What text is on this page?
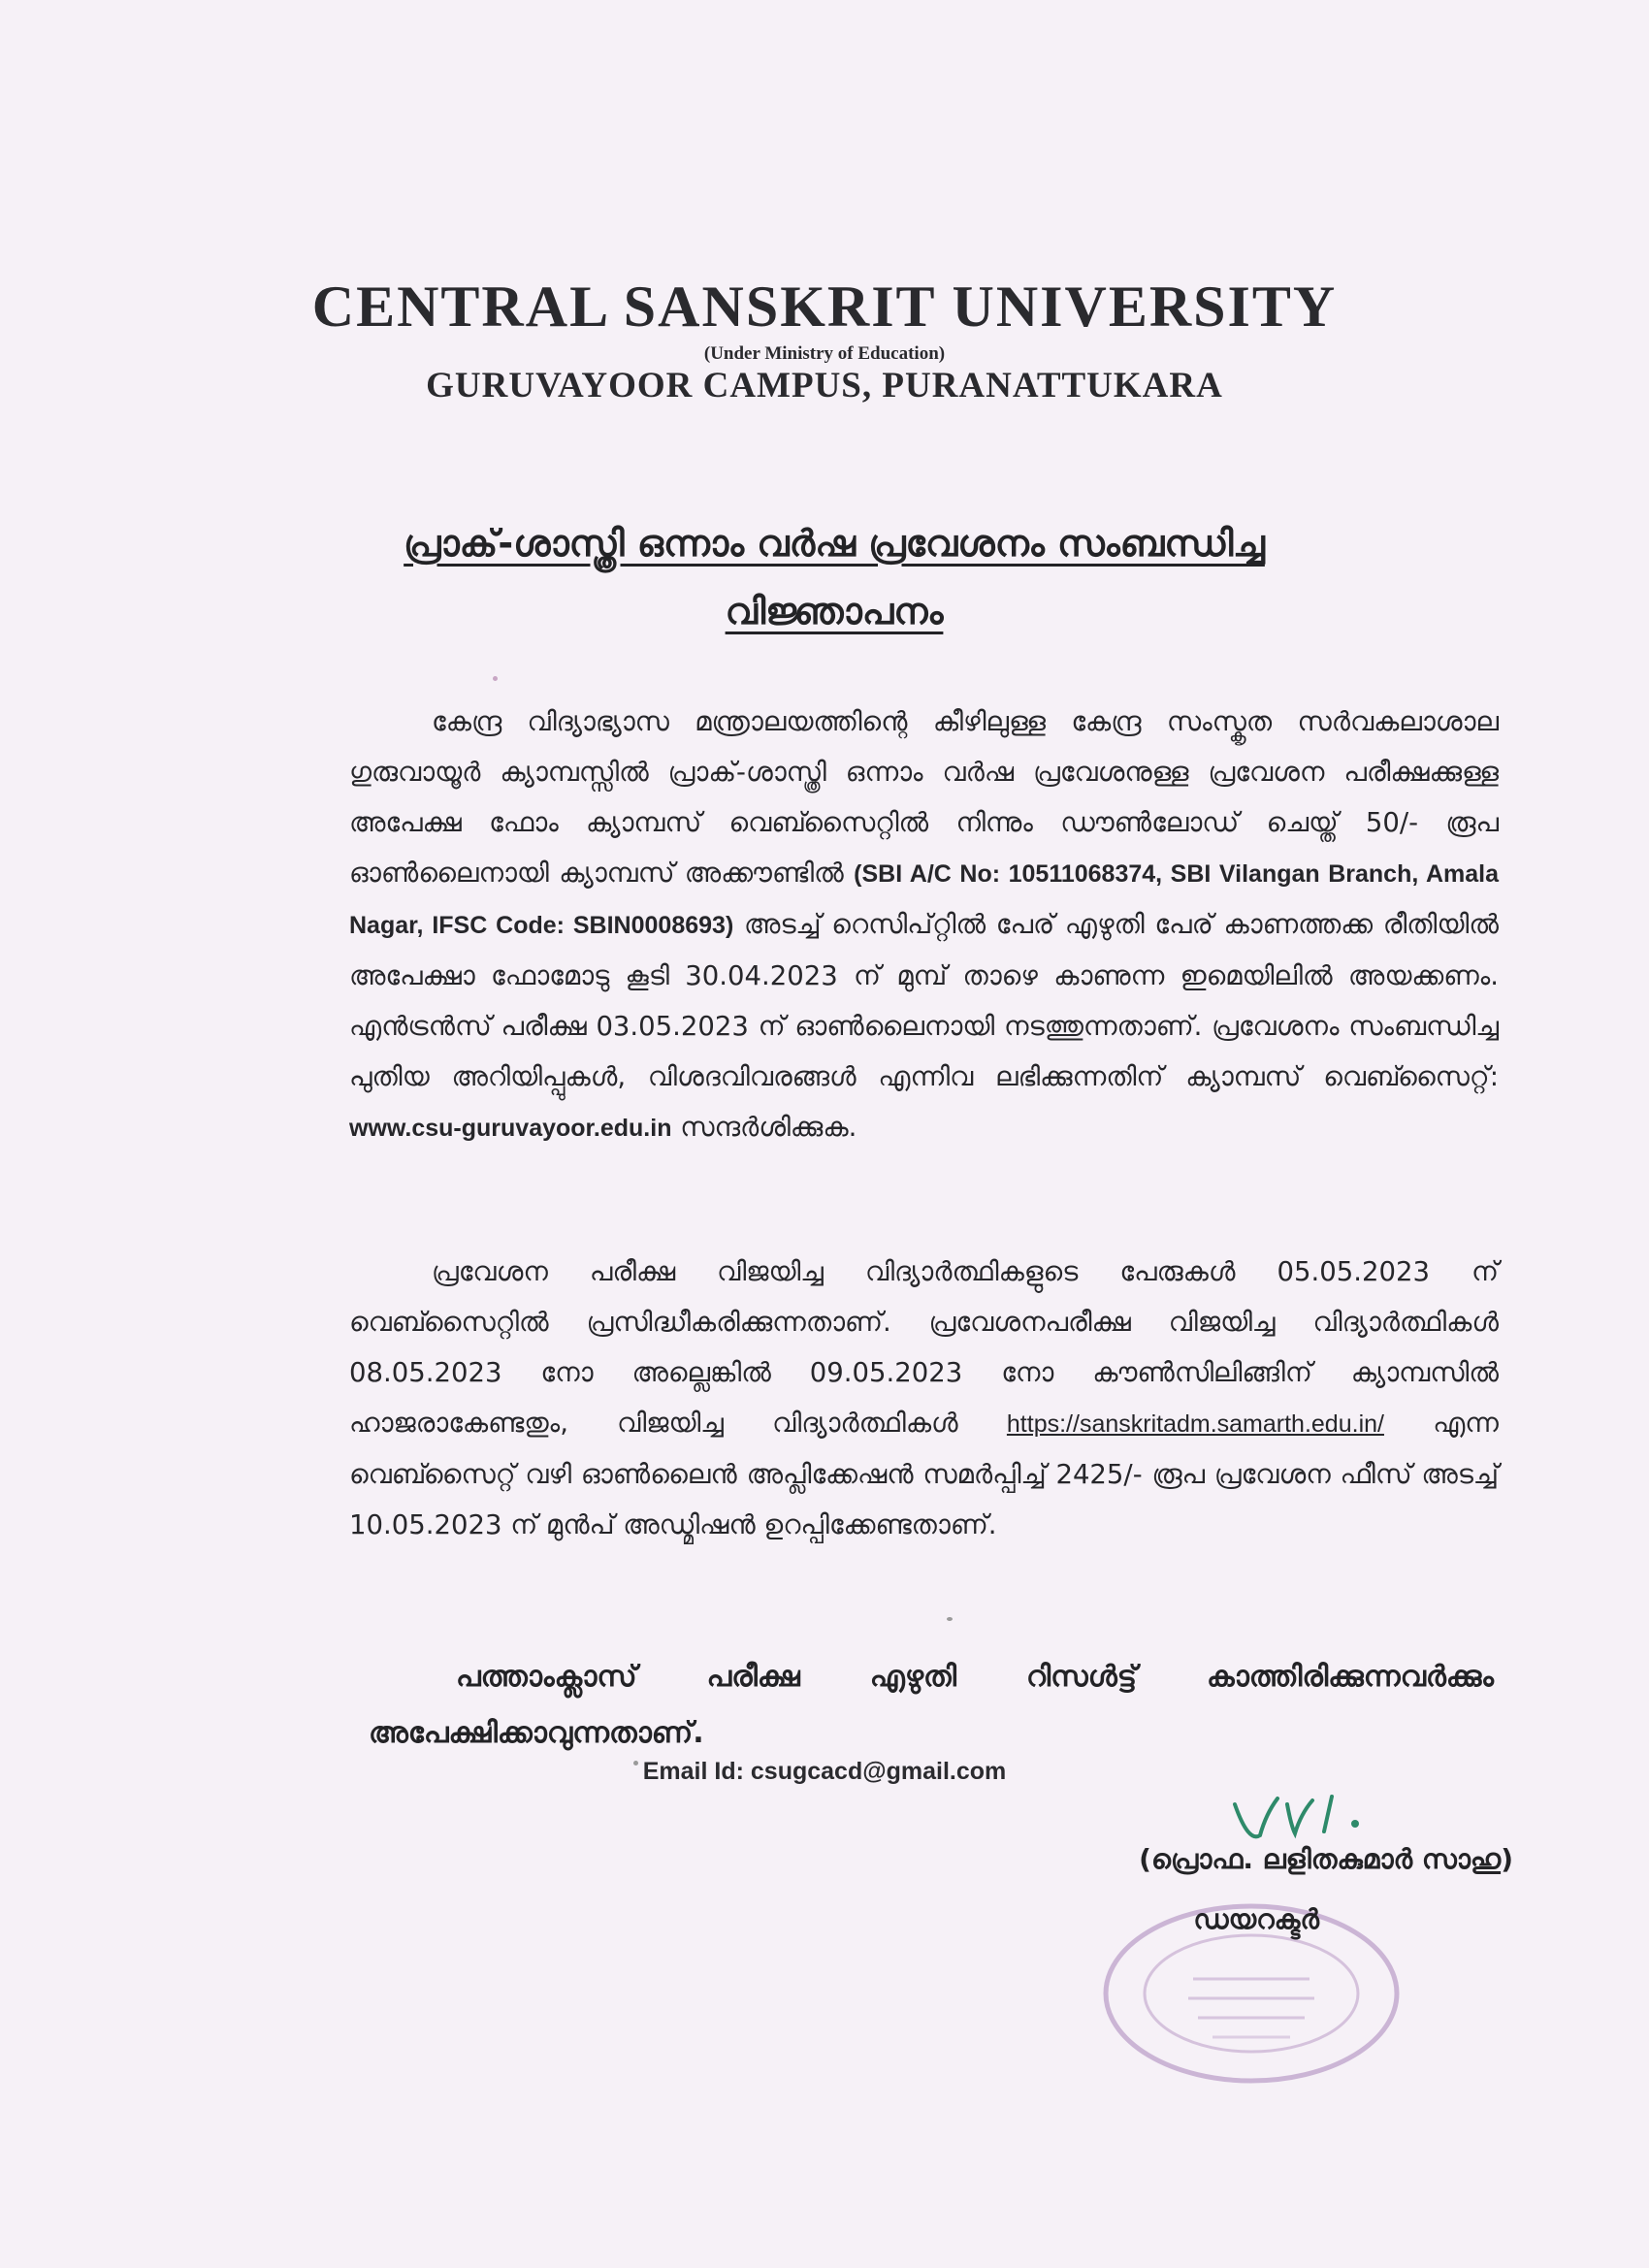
CENTRAL SANSKRIT UNIVERSITY
(Under Ministry of Education)
GURUVAYOOR CAMPUS, PURANATTUKARA
പ്രാക്-ശാസ്ത്രി ഒന്നാം വർഷ പ്രവേശനം സംബന്ധിച്ച
വിജ്ഞാപനം
കേന്ദ്ര വിദ്യാഭ്യാസ മന്ത്രാലയത്തിന്റെ കീഴിലുള്ള കേന്ദ്ര സംസ്കൃത സർവകലാശാല ഗുരുവായൂർ ക്യാമ്പസ്സിൽ പ്രാക്-ശാസ്ത്രി ഒന്നാം വർഷ പ്രവേശനുള്ള പ്രവേശന പരീക്ഷക്കുള്ള അപേക്ഷ ഫോം ക്യാമ്പസ് വെബ്സൈറ്റിൽ നിന്നും ഡൗൺലോഡ് ചെയ്ത് 50/- രൂപ ഓൺലൈനായി ക്യാമ്പസ് അക്കൗണ്ടിൽ (SBI A/C No: 10511068374, SBI Vilangan Branch, Amala Nagar, IFSC Code: SBIN0008693) അടച്ച് റെസിപ്റ്റിൽ പേര് എഴുതി പേര് കാണത്തക്ക രീതിയിൽ അപേക്ഷാ ഫോമോടു കൂടി 30.04.2023 ന് മുമ്പ് താഴെ കാണുന്ന ഇമെയിലിൽ അയക്കണം. എൻട്രൻസ് പരീക്ഷ 03.05.2023 ന് ഓൺലൈനായി നടത്തുന്നതാണ്. പ്രവേശനം സംബന്ധിച്ച പുതിയ അറിയിപ്പുകൾ, വിശദവിവരങ്ങൾ എന്നിവ ലഭിക്കുന്നതിന് ക്യാമ്പസ് വെബ്സൈറ്റ്: www.csu-guruvayoor.edu.in സന്ദർശിക്കുക.
പ്രവേശന പരീക്ഷ വിജയിച്ച വിദ്യാർത്ഥികളുടെ പേരുകൾ 05.05.2023 ന് വെബ്സൈറ്റിൽ പ്രസിദ്ധീകരിക്കുന്നതാണ്. പ്രവേശനപരീക്ഷ വിജയിച്ച വിദ്യാർത്ഥികൾ 08.05.2023 നോ അല്ലെങ്കിൽ 09.05.2023 നോ കൗൺസിലിങ്ങിന് ക്യാമ്പസിൽ ഹാജരാകേണ്ടതും, വിജയിച്ച വിദ്യാർത്ഥികൾ https://sanskritadm.samarth.edu.in/ എന്ന വെബ്സൈറ്റ് വഴി ഓൺലൈൻ അപ്ലിക്കേഷൻ സമർപ്പിച്ച് 2425/- രൂപ പ്രവേശന ഫീസ് അടച്ച് 10.05.2023 ന് മുൻപ് അഡ്മിഷൻ ഉറപ്പിക്കേണ്ടതാണ്.
പത്താംക്ലാസ് പരീക്ഷ എഴുതി റിസൾട്ട് കാത്തിരിക്കുന്നവർക്കും അപേക്ഷിക്കാവുന്നതാണ്.
Email Id: csugcacd@gmail.com
(പ്രൊഫ. ലളിതകുമാർ സാഹു)
ഡയറക്ടർ
